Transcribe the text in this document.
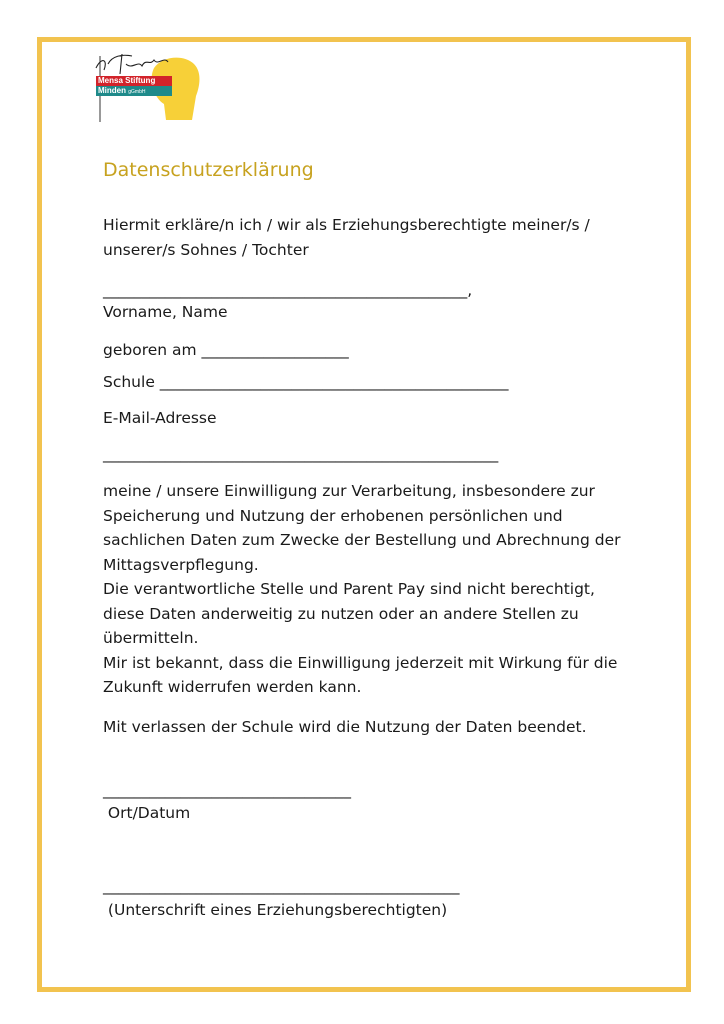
Mensa Stiftung
Minden gGmbH
Datenschutzerklärung
Hiermit erkläre/n ich / wir als Erziehungsberechtigte meiner/s /
unserer/s Sohnes / Tochter
_______________________________________________,
Vorname, Name
geboren am ___________________
Schule _____________________________________________
E-Mail-Adresse
___________________________________________________
meine / unsere Einwilligung zur Verarbeitung, insbesondere zur
Speicherung und Nutzung der erhobenen persönlichen und
sachlichen Daten zum Zwecke der Bestellung und Abrechnung der
Mittagsverpflegung.
Die verantwortliche Stelle und Parent Pay sind nicht berechtigt,
diese Daten anderweitig zu nutzen oder an andere Stellen zu
übermitteln.
Mir ist bekannt, dass die Einwilligung jederzeit mit Wirkung für die
Zukunft widerrufen werden kann.
Mit verlassen der Schule wird die Nutzung der Daten beendet.
________________________________
Ort/Datum
______________________________________________
(Unterschrift eines Erziehungsberechtigten)
